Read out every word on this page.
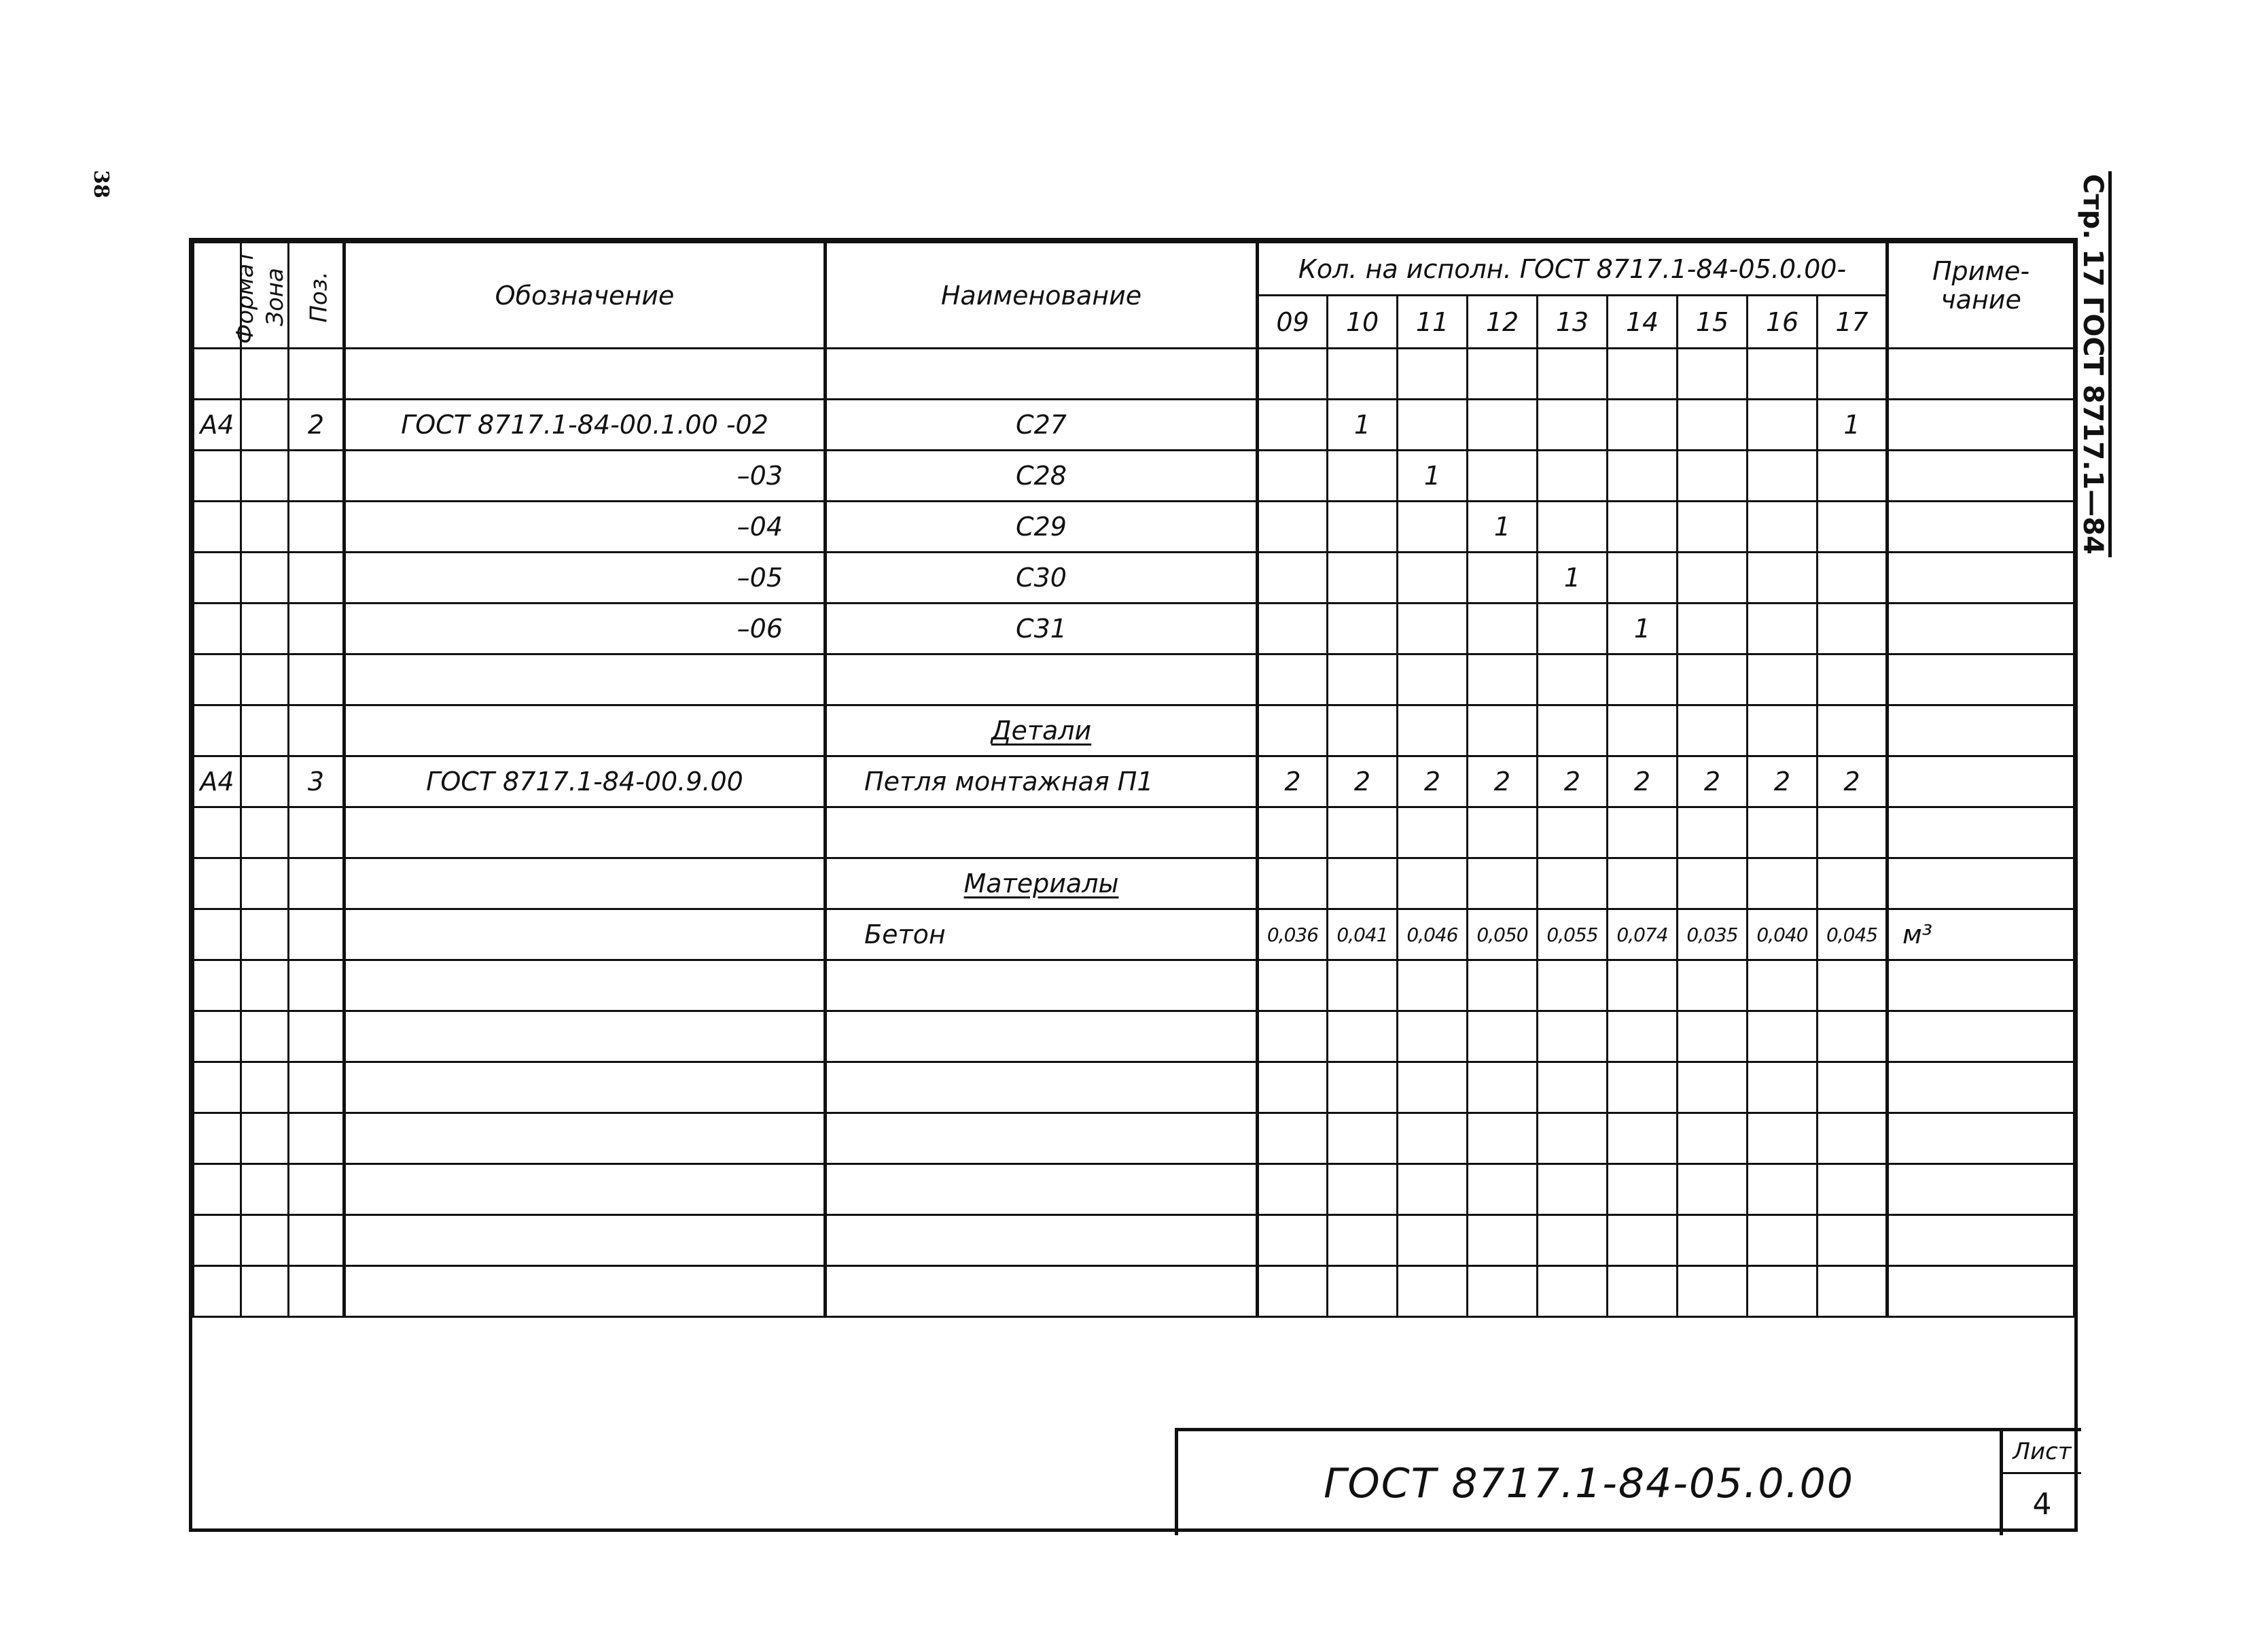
38	Стр. 17 ГОСТ 8717.1—84
Формат	Зона	Поз.	Обозначение	Наименование	Кол. на исполн. ГОСТ 8717.1-84-05.0.00-									Приме-
чание
					09	10	11	12	13	14	15	16	17	

А4		2	ГОСТ 8717.1-84-00.1.00 -02	С27		1							1	
			–03	С28			1							
			–04	С29				1						
			–05	С30					1					
			–06	С31						1				

				Детали										
А4		3	ГОСТ 8717.1-84-00.9.00	Петля монтажная П1	2	2	2	2	2	2	2	2	2	

				Материалы										
				Бетон	0,036	0,041	0,046	0,050	0,055	0,074	0,035	0,040	0,045	м³

ГОСТ 8717.1-84-05.0.00
Лист
4
